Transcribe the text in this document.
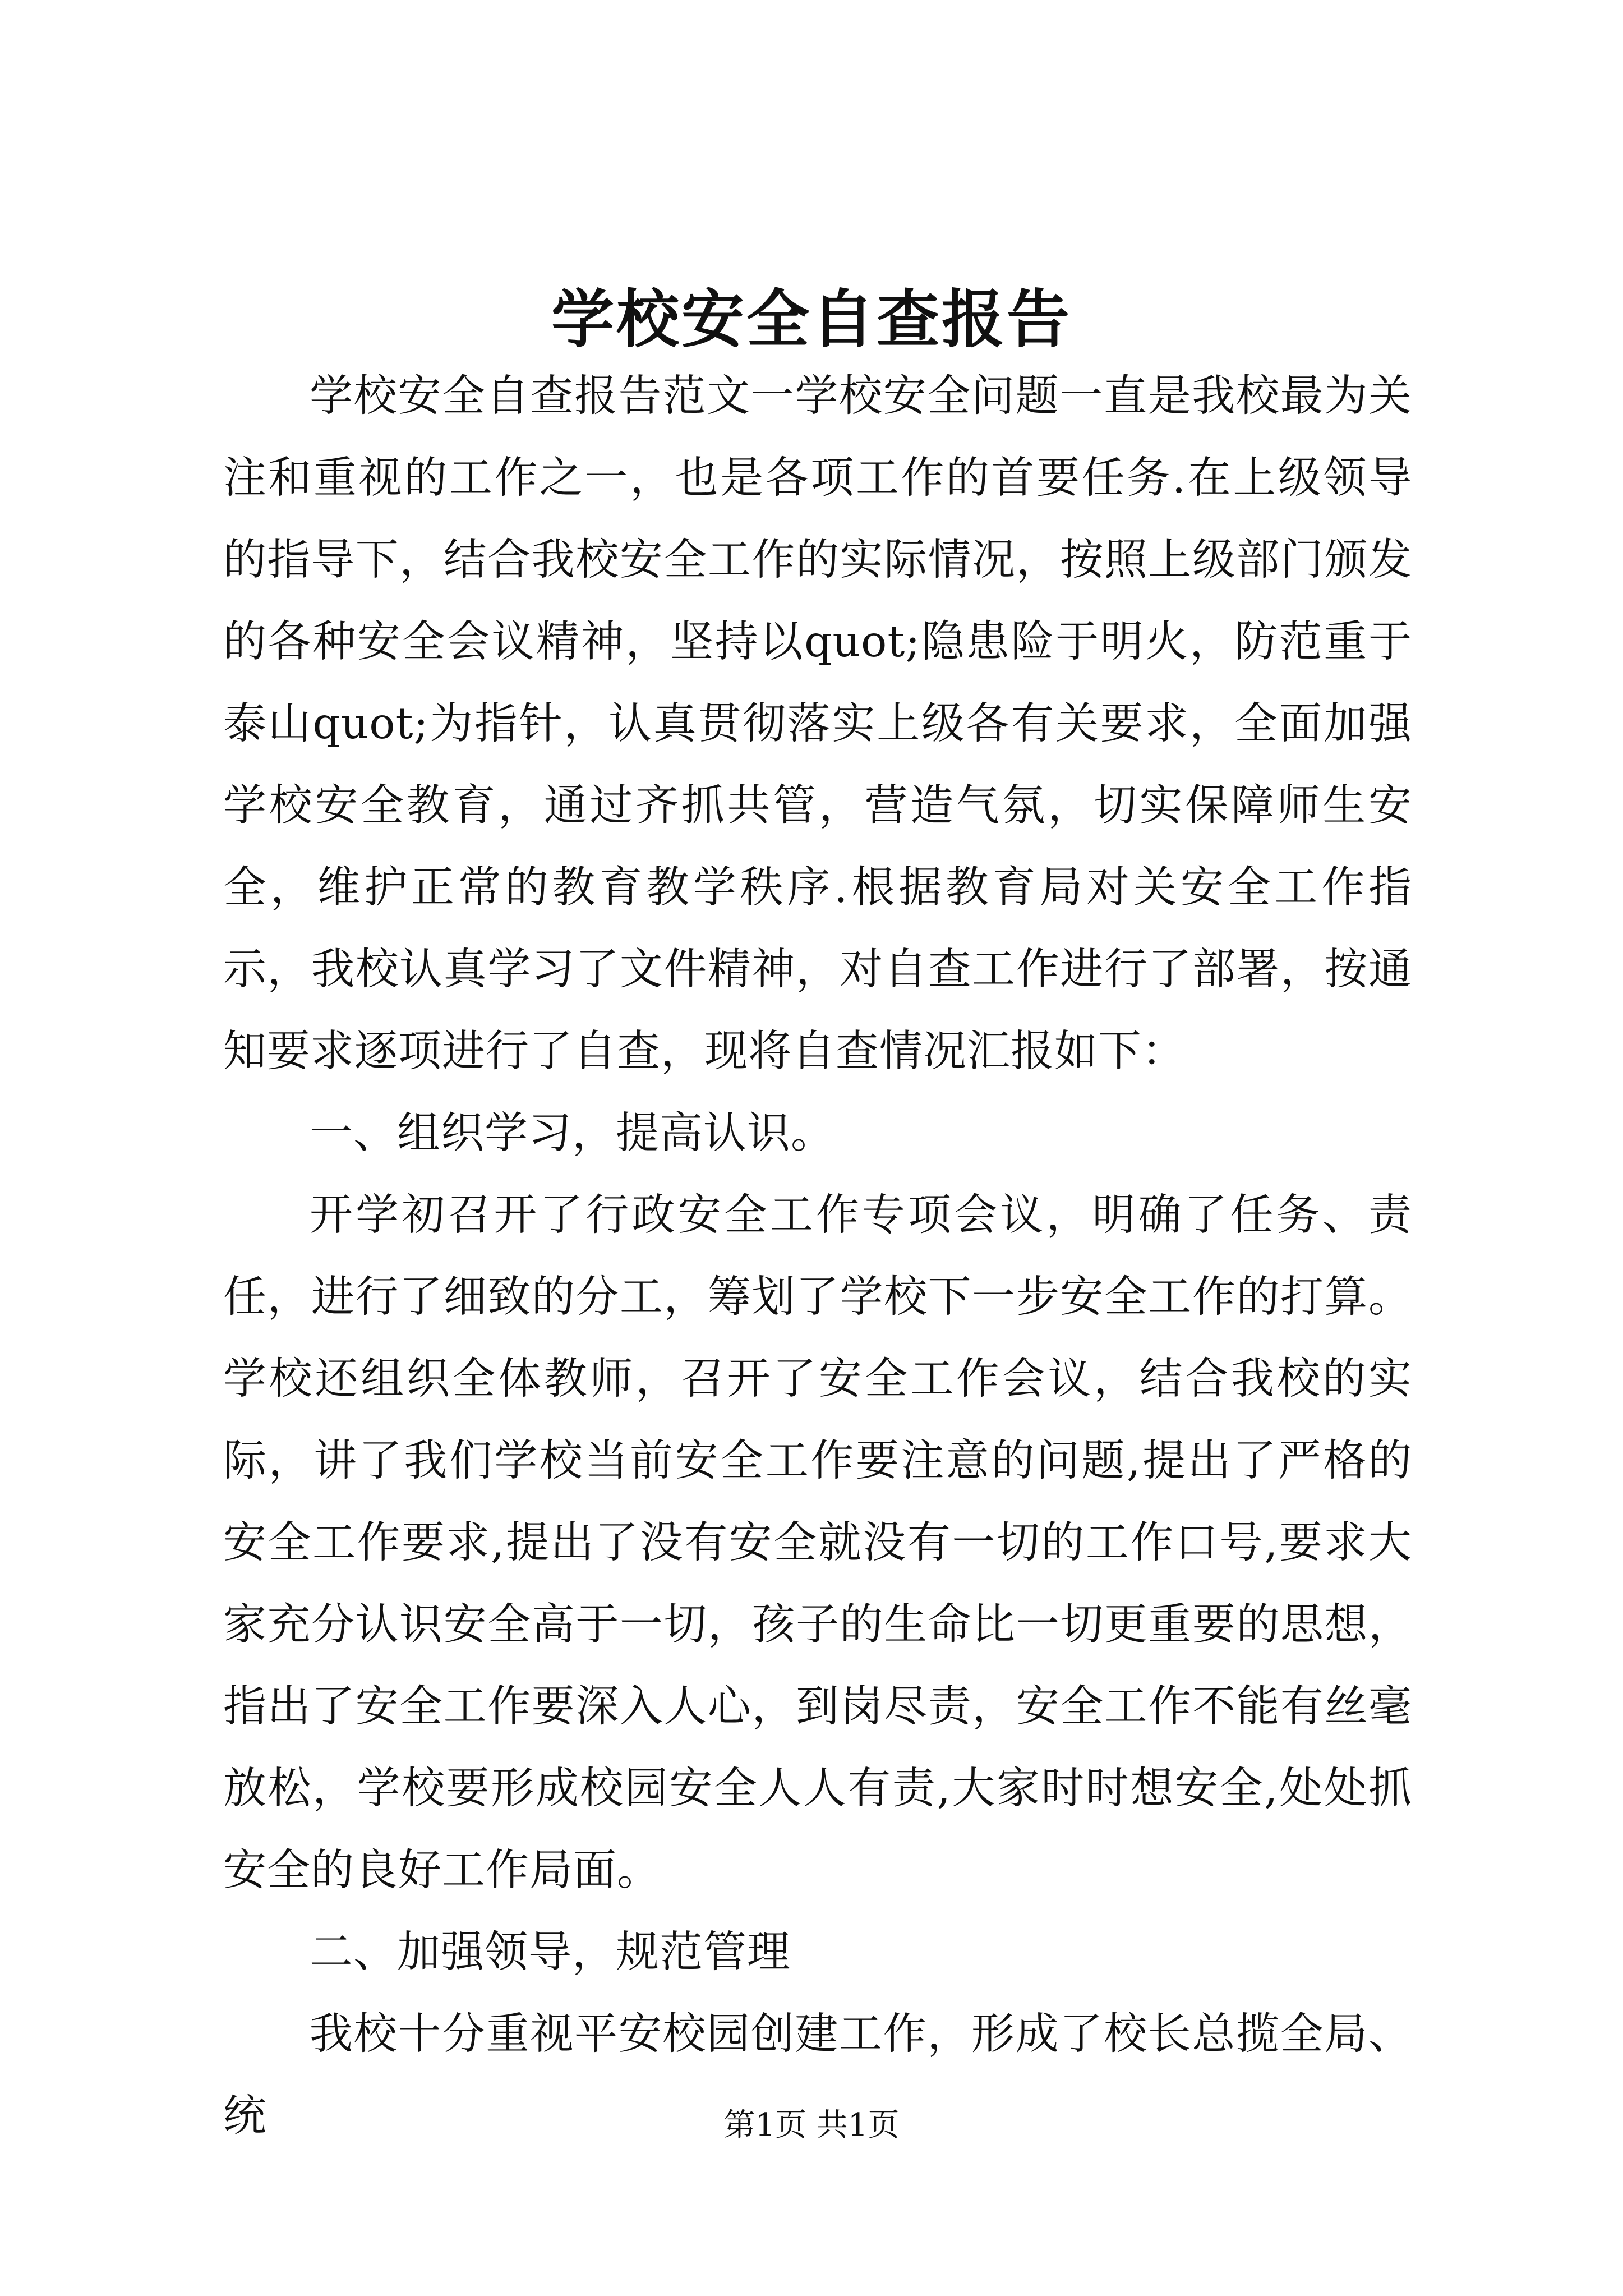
学校安全自查报告

学校安全自查报告范文一学校安全问题一直是我校最为关注和重视的工作之一，也是各项工作的首要任务.在上级领导的指导下，结合我校安全工作的实际情况，按照上级部门颁发的各种安全会议精神，坚持以quot;隐患险于明火，防范重于泰山quot;为指针，认真贯彻落实上级各有关要求，全面加强学校安全教育，通过齐抓共管，营造气氛，切实保障师生安全，维护正常的教育教学秩序.根据教育局对关安全工作指示，我校认真学习了文件精神，对自查工作进行了部署，按通知要求逐项进行了自查，现将自查情况汇报如下：

一、组织学习，提高认识。

开学初召开了行政安全工作专项会议，明确了任务、责任，进行了细致的分工，筹划了学校下一步安全工作的打算。学校还组织全体教师，召开了安全工作会议，结合我校的实际，讲了我们学校当前安全工作要注意的问题,提出了严格的安全工作要求,提出了没有安全就没有一切的工作口号,要求大家充分认识安全高于一切，孩子的生命比一切更重要的思想，指出了安全工作要深入人心，到岗尽责，安全工作不能有丝毫放松，学校要形成校园安全人人有责,大家时时想安全,处处抓安全的良好工作局面。

二、加强领导，规范管理

我校十分重视平安校园创建工作，形成了校长总揽全局、统	第1页 共1页
